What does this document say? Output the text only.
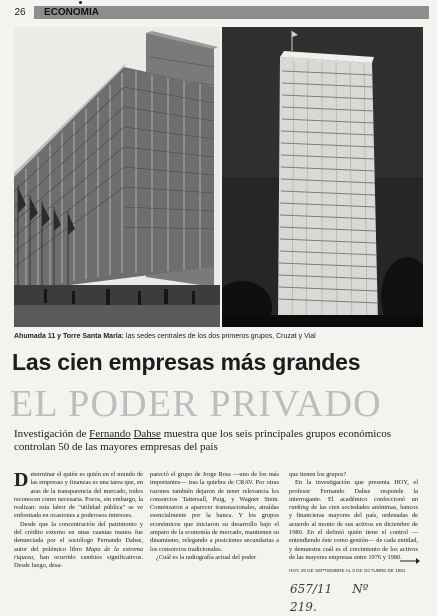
26	ECONOMIA
Ahumada 11 y Torre Santa María: las sedes centrales de los dos primeros grupos, Cruzat y Vial
Las cien empresas más grandes
EL PODER PRIVADO
Investigación de Fernando Dahse muestra que los seis principales grupos económicos controlan 50 de las mayores empresas del país

Determinar el quién es quién en el mundo de las empresas y finanzas es una tarea que, en aras de la transparencia del mercado, todos reconocen como necesaria. Pocos, sin embargo, la realizan: esta labor de "utilidad pública" se ve enfrentada en ocasiones a poderosos intereses.

Desde que la concentración del patrimonio y del crédito externo en unas cuantas manos fue denunciada por el sociólogo Fernando Dahse, autor del polémico libro Mapa de la extrema riqueza, han ocurrido cambios significativos. Desde luego, desa-

pareció el grupo de Jorge Ross —uno de los más importantes— tras la quiebra de CRAV. Por otras razones también dejaron de tener relevancia los consorcios Tattersall, Puig, y Wagner Stein. Comenzaron a aparecer transnacionales, atraídas esencialmente por la banca. Y los grupos económicos que iniciaron su desarrollo bajo el amparo de la economía de mercado, mantienen su dinamismo, relegando a posiciones secundarias a los consorcios tradicionales.

¿Cuál es la radiografía actual del poder

que tienen los grupos?

En la investigación que presenta HOY, el profesor Fernando Dahse responde la interrogante. El académico confeccionó un ranking de las cien sociedades anónimas, bancos y financieras mayores del país, ordenadas de acuerdo al monto de sus activos en diciembre de 1980. En el definió quién tiene el control —entendiendo éste como gestión— de cada entidad, y demuestra cuál es el crecimiento de los activos de las mayores empresas entre 1976 y 1980.

HOY, 30 DE SEPTIEMBRE AL 6 DE OCTUBRE DE 1981
657/11 Nº 219.
